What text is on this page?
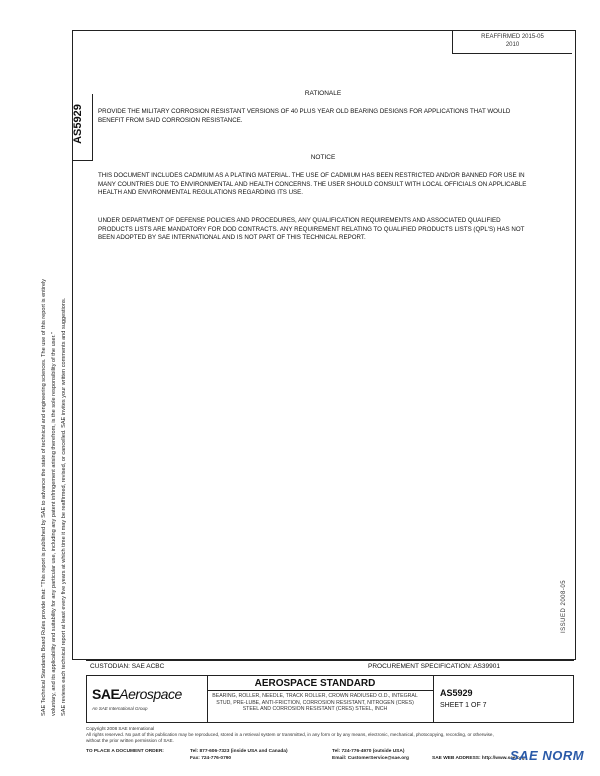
REAFFIRMED 2015-05
2010
AS5929
ISSUED 2008-05
SAE Technical Standards Board Rules provide that: "This report is published by SAE to advance the state of technical and engineering sciences. The use of this report is entirely voluntary, and its applicability and suitability for any particular use, including any patent infringement arising therefrom, is the sole responsibility of the user." SAE reviews each technical report at least every five years at which time it may be reaffirmed, revised, or cancelled. SAE invites your written comments and suggestions.
RATIONALE
PROVIDE THE MILITARY CORROSION RESISTANT VERSIONS OF 40 PLUS YEAR OLD BEARING DESIGNS FOR APPLICATIONS THAT WOULD BENEFIT FROM SAID CORROSION RESISTANCE.
NOTICE
THIS DOCUMENT INCLUDES CADMIUM AS A PLATING MATERIAL. THE USE OF CADMIUM HAS BEEN RESTRICTED AND/OR BANNED FOR USE IN MANY COUNTRIES DUE TO ENVIRONMENTAL AND HEALTH CONCERNS. THE USER SHOULD CONSULT WITH LOCAL OFFICIALS ON APPLICABLE HEALTH AND ENVIRONMENTAL REGULATIONS REGARDING ITS USE.
UNDER DEPARTMENT OF DEFENSE POLICIES AND PROCEDURES, ANY QUALIFICATION REQUIREMENTS AND ASSOCIATED QUALIFIED PRODUCTS LISTS ARE MANDATORY FOR DOD CONTRACTS. ANY REQUIREMENT RELATING TO QUALIFIED PRODUCTS LISTS (QPL'S) HAS NOT BEEN ADOPTED BY SAE INTERNATIONAL AND IS NOT PART OF THIS TECHNICAL REPORT.
CUSTODIAN: SAE ACBC	PROCUREMENT SPECIFICATION: AS39901
SAEAerospace
An SAE International Group
AEROSPACE STANDARD
BEARING, ROLLER, NEEDLE, TRACK ROLLER, CROWN RADIUSED O.D., INTEGRAL STUD, PRE-LUBE, ANTI-FRICTION, CORROSION RESISTANT, NITROGEN (CRES) STEEL AND CORROSION RESISTANT (CRES) STEEL, INCH
AS5929
SHEET 1 OF 7
Copyright 2008 SAE International
All rights reserved. No part of this publication may be reproduced, stored in a retrieval system or transmitted, in any form or by any means, electronic, mechanical, photocopying, recording, or otherwise, without the prior written permission of SAE.
TO PLACE A DOCUMENT ORDER:	Tel: 877-606-7323 (inside USA and Canada)
Fax: 724-776-0790
Tel: 724-776-4970 (outside USA)
Email: CustomerService@sae.org	SAE WEB ADDRESS: http://www.sae.org
SAE NORM
